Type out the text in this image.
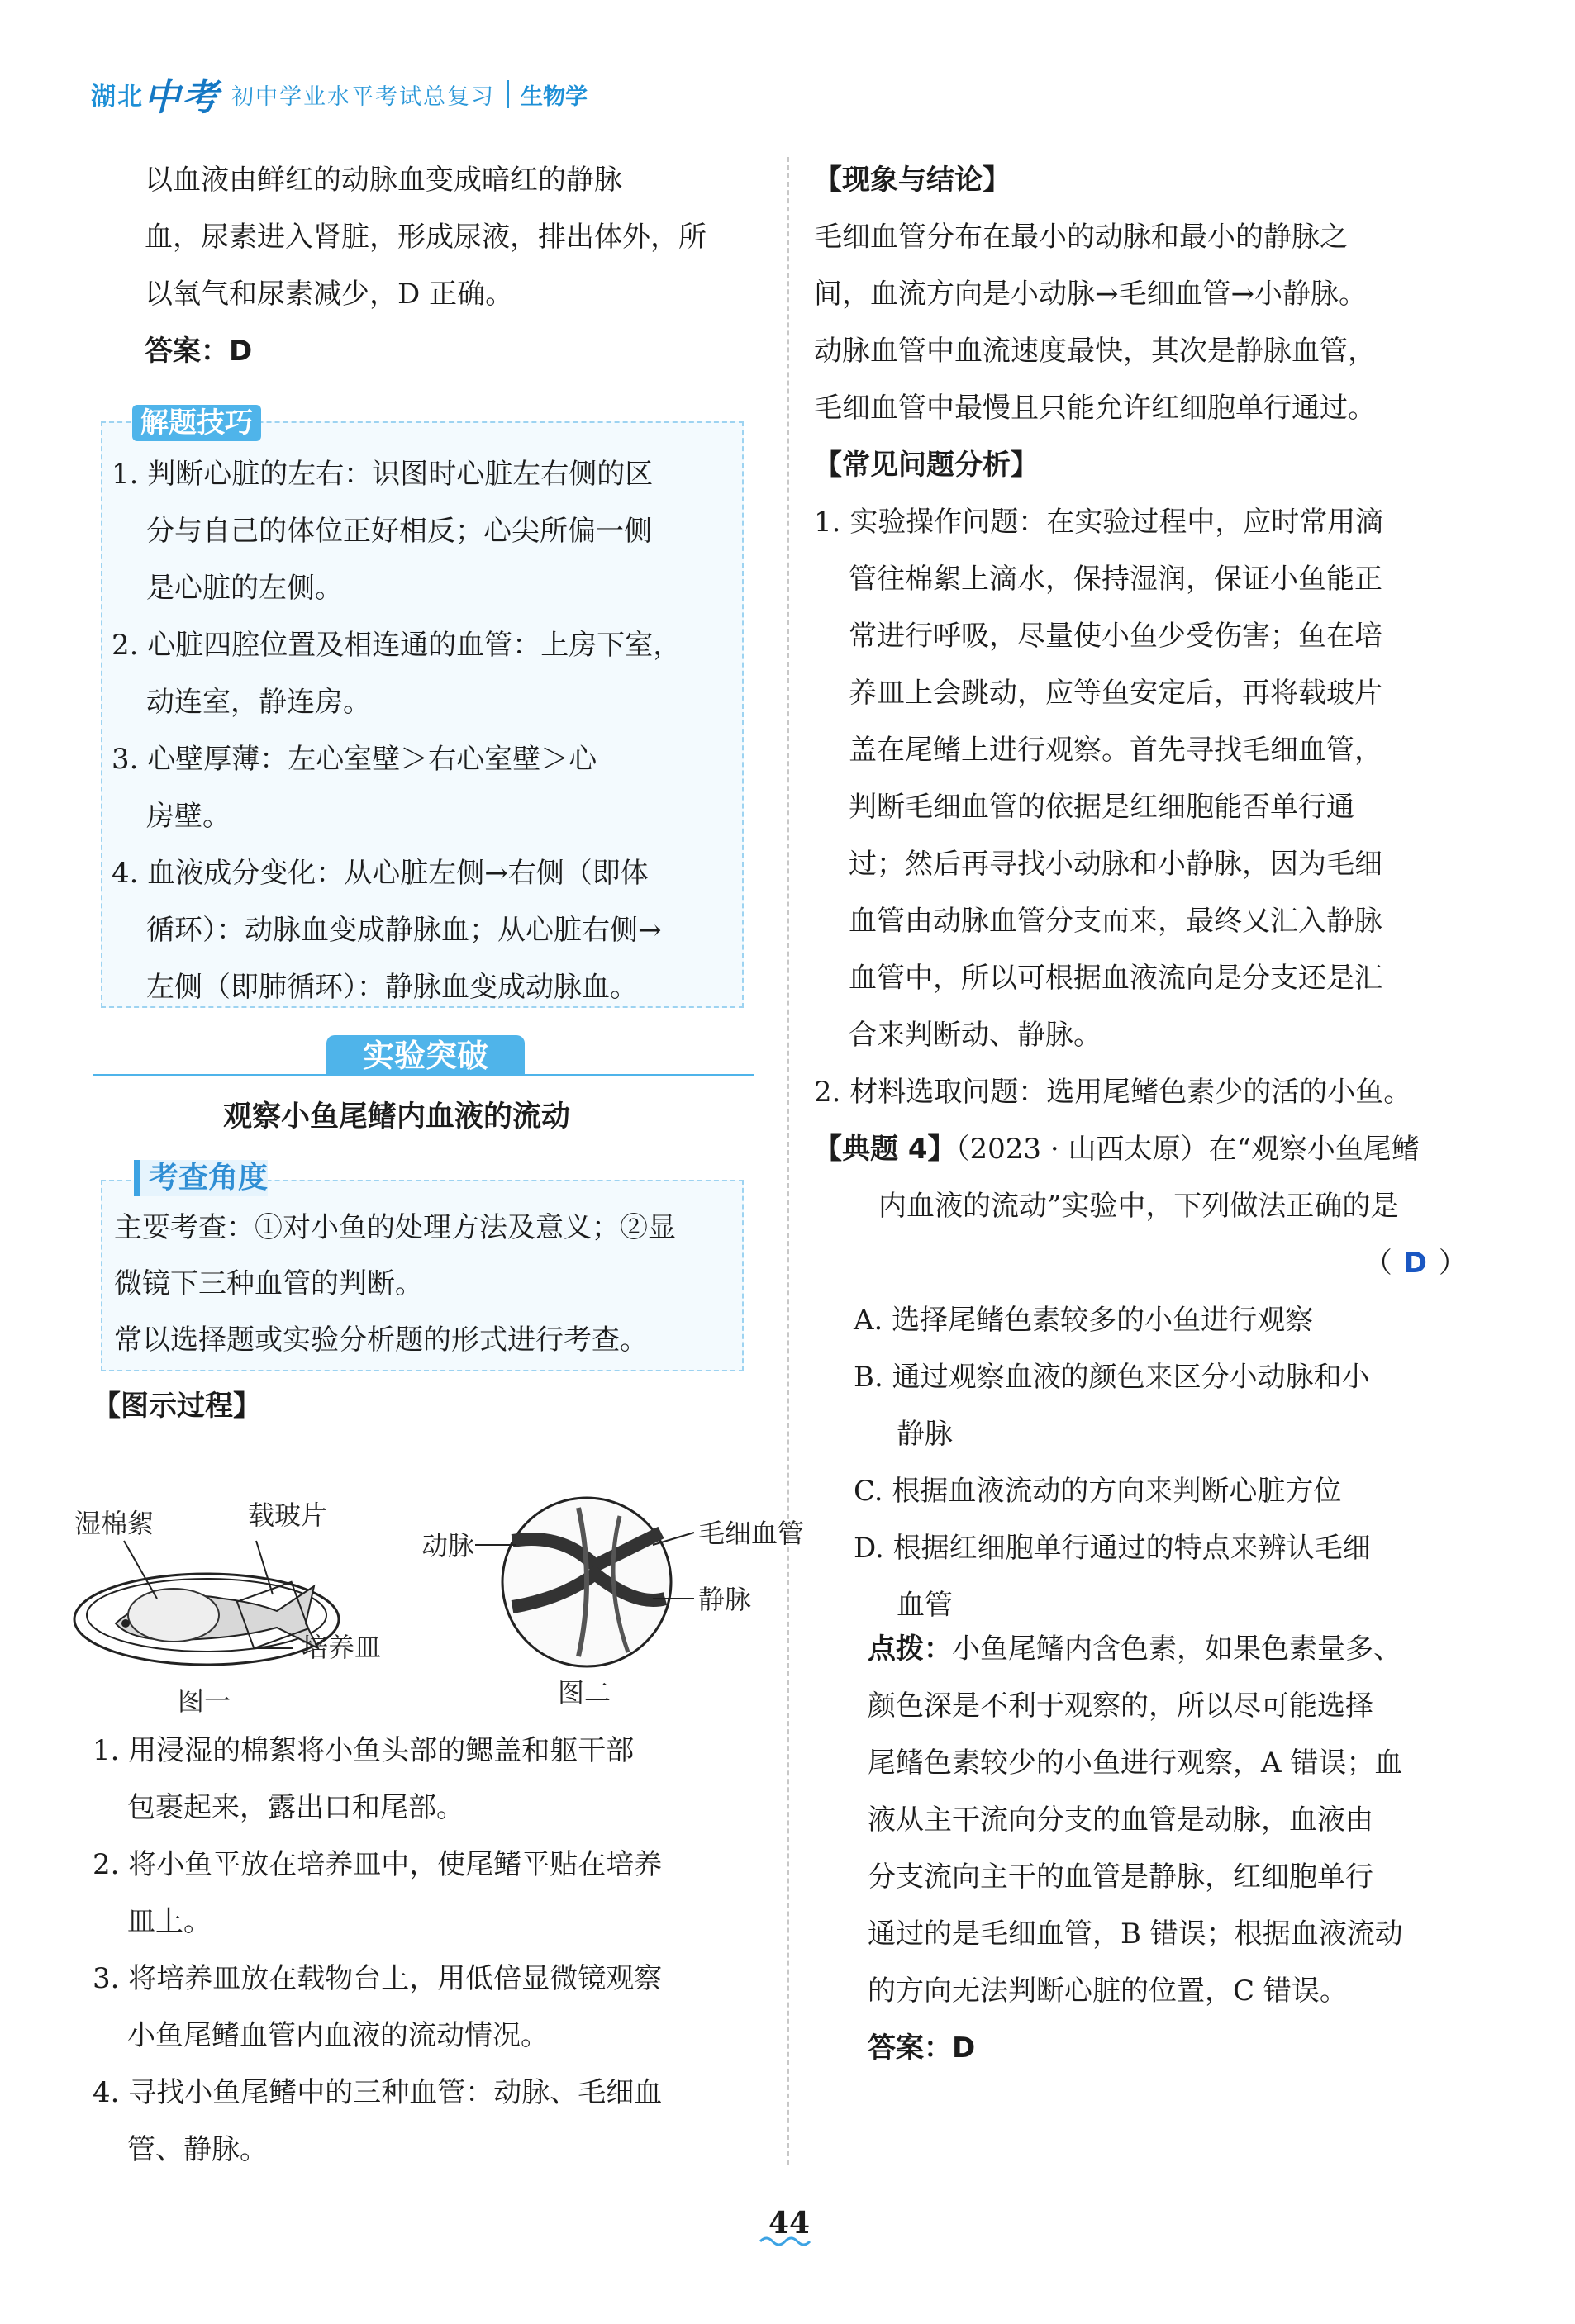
湖北 中考 初中学业水平考试总复习 生物学
以血液由鲜红的动脉血变成暗红的静脉
血，尿素进入肾脏，形成尿液，排出体外，所
以氧气和尿素减少，D 正确。
答案：D
解题技巧
1. 判断心脏的左右：识图时心脏左右侧的区
分与自己的体位正好相反；心尖所偏一侧
是心脏的左侧。
2. 心脏四腔位置及相连通的血管：上房下室，
动连室，静连房。
3. 心壁厚薄：左心室壁＞右心室壁＞心
房壁。
4. 血液成分变化：从心脏左侧→右侧（即体
循环）：动脉血变成静脉血；从心脏右侧→
左侧（即肺循环）：静脉血变成动脉血。
实验突破
观察小鱼尾鳍内血液的流动
考查角度
主要考查：①对小鱼的处理方法及意义；②显
微镜下三种血管的判断。
常以选择题或实验分析题的形式进行考查。
【图示过程】
湿棉絮	载玻片
培养皿
图一
动脉	毛细血管
静脉
图二
1. 用浸湿的棉絮将小鱼头部的鳃盖和躯干部
包裹起来，露出口和尾部。
2. 将小鱼平放在培养皿中，使尾鳍平贴在培养
皿上。
3. 将培养皿放在载物台上，用低倍显微镜观察
小鱼尾鳍血管内血液的流动情况。
4. 寻找小鱼尾鳍中的三种血管：动脉、毛细血
管、静脉。
【现象与结论】
毛细血管分布在最小的动脉和最小的静脉之
间，血流方向是小动脉→毛细血管→小静脉。
动脉血管中血流速度最快，其次是静脉血管，
毛细血管中最慢且只能允许红细胞单行通过。
【常见问题分析】
1. 实验操作问题：在实验过程中，应时常用滴
管往棉絮上滴水，保持湿润，保证小鱼能正
常进行呼吸，尽量使小鱼少受伤害；鱼在培
养皿上会跳动，应等鱼安定后，再将载玻片
盖在尾鳍上进行观察。首先寻找毛细血管，
判断毛细血管的依据是红细胞能否单行通
过；然后再寻找小动脉和小静脉，因为毛细
血管由动脉血管分支而来，最终又汇入静脉
血管中，所以可根据血液流向是分支还是汇
合来判断动、静脉。
2. 材料选取问题：选用尾鳍色素少的活的小鱼。
【典题 4】（2023 · 山西太原）在“观察小鱼尾鳍
内血液的流动”实验中，下列做法正确的是
（ D ）
A. 选择尾鳍色素较多的小鱼进行观察
B. 通过观察血液的颜色来区分小动脉和小
静脉
C. 根据血液流动的方向来判断心脏方位
D. 根据红细胞单行通过的特点来辨认毛细
血管
点拨：小鱼尾鳍内含色素，如果色素量多、
颜色深是不利于观察的，所以尽可能选择
尾鳍色素较少的小鱼进行观察，A 错误；血
液从主干流向分支的血管是动脉，血液由
分支流向主干的血管是静脉，红细胞单行
通过的是毛细血管，B 错误；根据血液流动
的方向无法判断心脏的位置，C 错误。
答案：D
44
